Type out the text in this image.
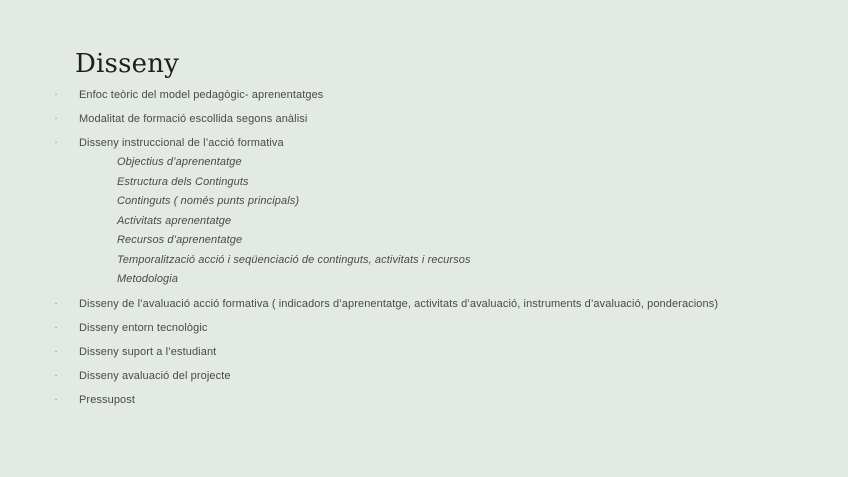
Disseny
· Enfoc teòric del model pedagògic- aprenentatges
· Modalitat de formació escollida segons anàlisi
· Disseny instruccional de l’acció formativa
Objectius d’aprenentatge
Estructura dels Continguts
Continguts ( només punts principals)
Activitats aprenentatge
Recursos d’aprenentatge
Temporalització acció i seqüenciació de continguts, activitats i recursos
Metodologia
· Disseny de l’avaluació acció formativa ( indicadors d’aprenentatge, activitats d’avaluació, instruments d’avaluació, ponderacions)
· Disseny entorn tecnològic
· Disseny suport a l’estudiant
· Disseny avaluació del projecte
· Pressupost
